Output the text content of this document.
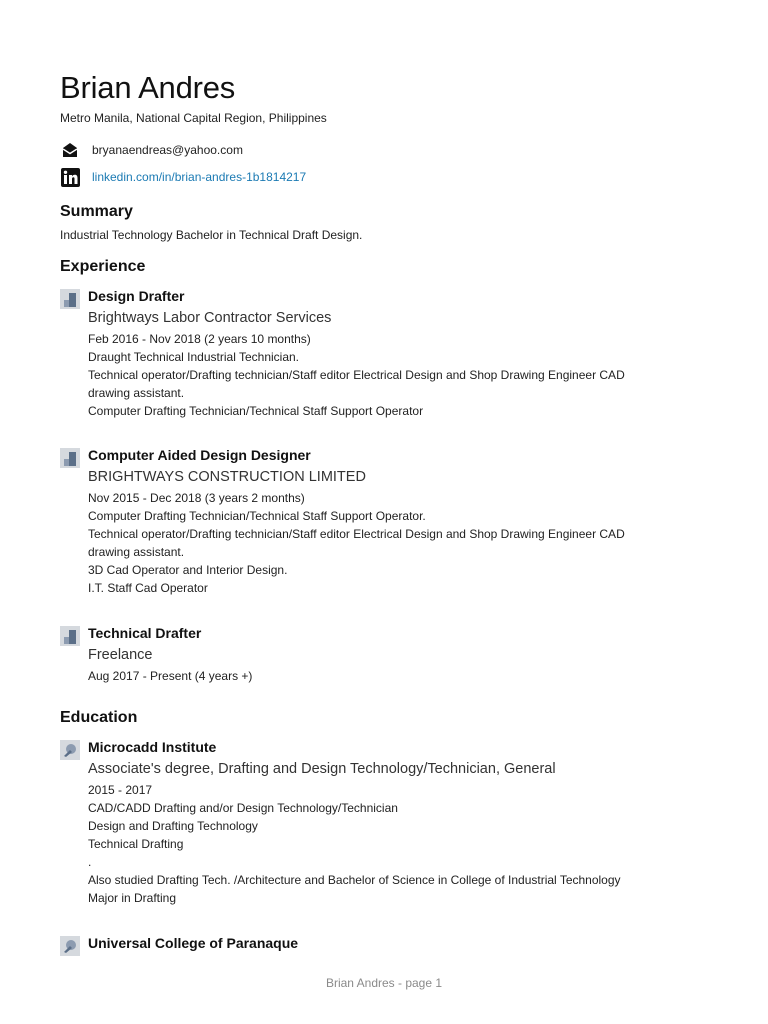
Brian Andres
Metro Manila, National Capital Region, Philippines
bryanaendreas@yahoo.com
linkedin.com/in/brian-andres-1b1814217
Summary
Industrial Technology Bachelor in Technical Draft Design.
Experience
Design Drafter
Brightways Labor Contractor Services
Feb 2016 - Nov 2018 (2 years 10 months)
Draught Technical Industrial Technician.
Technical operator/Drafting technician/Staff editor Electrical Design and Shop Drawing Engineer CAD
drawing assistant.
Computer Drafting Technician/Technical Staff Support Operator
Computer Aided Design Designer
BRIGHTWAYS CONSTRUCTION LIMITED
Nov 2015 - Dec 2018 (3 years 2 months)
Computer Drafting Technician/Technical Staff Support Operator.
Technical operator/Drafting technician/Staff editor Electrical Design and Shop Drawing Engineer CAD
drawing assistant.
3D Cad Operator and Interior Design.
I.T. Staff Cad Operator
Technical Drafter
Freelance
Aug 2017 - Present (4 years +)
Education
Microcadd Institute
Associate's degree, Drafting and Design Technology/Technician, General
2015 - 2017
CAD/CADD Drafting and/or Design Technology/Technician
Design and Drafting Technology
Technical Drafting
.
Also studied Drafting Tech. /Architecture and Bachelor of Science in College of Industrial Technology
Major in Drafting
Universal College of Paranaque
Brian Andres - page 1
